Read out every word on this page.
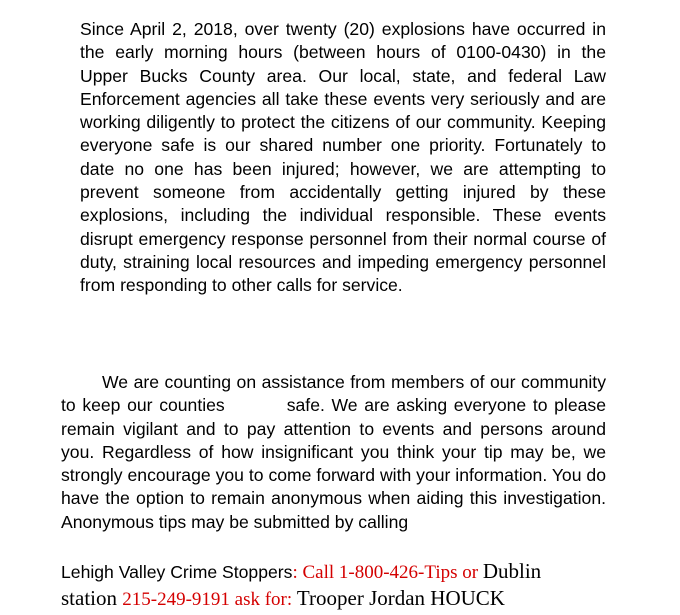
Since April 2, 2018, over twenty (20) explosions have occurred in the early morning hours (between hours of 0100-0430) in the Upper Bucks County area. Our local, state, and federal Law Enforcement agencies all take these events very seriously and are working diligently to protect the citizens of our community. Keeping everyone safe is our shared number one priority. Fortunately to date no one has been injured; however, we are attempting to prevent someone from accidentally getting injured by these explosions, including the individual responsible. These events disrupt emergency response personnel from their normal course of duty, straining local resources and impeding emergency personnel from responding to other calls for service.

We are counting on assistance from members of our community to keep our counties	safe. We are asking everyone to please remain vigilant and to pay attention to events and persons around you. Regardless of how insignificant you think your tip may be, we strongly encourage you to come forward with your information. You do have the option to remain anonymous when aiding this investigation. Anonymous tips may be submitted by calling

Lehigh Valley Crime Stoppers: Call 1-800-426-Tips or Dublin

station 215-249-9191 ask for: Trooper Jordan HOUCK
